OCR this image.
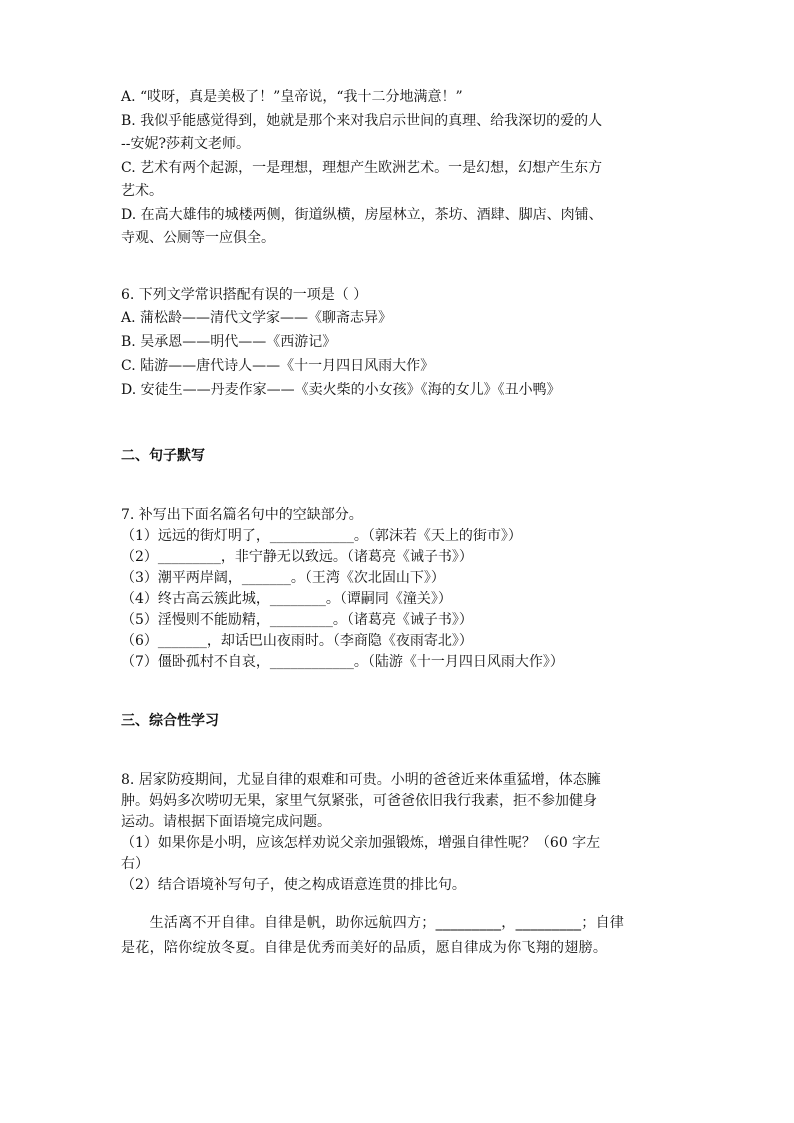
A. “哎呀，真是美极了！”皇帝说，“我十二分地满意！”
B. 我似乎能感觉得到，她就是那个来对我启示世间的真理、给我深切的爱的人
--安妮?莎莉文老师。
C. 艺术有两个起源，一是理想，理想产生欧洲艺术。一是幻想，幻想产生东方
艺术。
D. 在高大雄伟的城楼两侧，街道纵横，房屋林立，茶坊、酒肆、脚店、肉铺、
寺观、公厕等一应俱全。
6. 下列文学常识搭配有误的一项是（ ）
A. 蒲松龄——清代文学家——《聊斋志异》
B. 吴承恩——明代——《西游记》
C. 陆游——唐代诗人——《十一月四日风雨大作》
D. 安徒生——丹麦作家——《卖火柴的小女孩》《海的女儿》《丑小鸭》
二、句子默写
7. 补写出下面名篇名句中的空缺部分。
（1）远远的街灯明了，____________。（郭沫若《天上的街市》）
（2）_________，非宁静无以致远。（诸葛亮《诫子书》）
（3）潮平两岸阔，_______。（王湾《次北固山下》）
（4）终古高云簇此城，________。（谭嗣同《潼关》）
（5）淫慢则不能励精，_________。（诸葛亮《诫子书》）
（6）_______，却话巴山夜雨时。（李商隐《夜雨寄北》）
（7）僵卧孤村不自哀，____________。（陆游《十一月四日风雨大作》）
三、综合性学习
8. 居家防疫期间，尤显自律的艰难和可贵。小明的爸爸近来体重猛增，体态臃
肿。妈妈多次唠叨无果，家里气氛紧张，可爸爸依旧我行我素，拒不参加健身
运动。请根据下面语境完成问题。
（1）如果你是小明，应该怎样劝说父亲加强锻炼，增强自律性呢？（60 字左
右）
（2）结合语境补写句子，使之构成语意连贯的排比句。
　　生活离不开自律。自律是帆，助你远航四方；_________，_________；自律
是花，陪你绽放冬夏。自律是优秀而美好的品质，愿自律成为你飞翔的翅膀。
